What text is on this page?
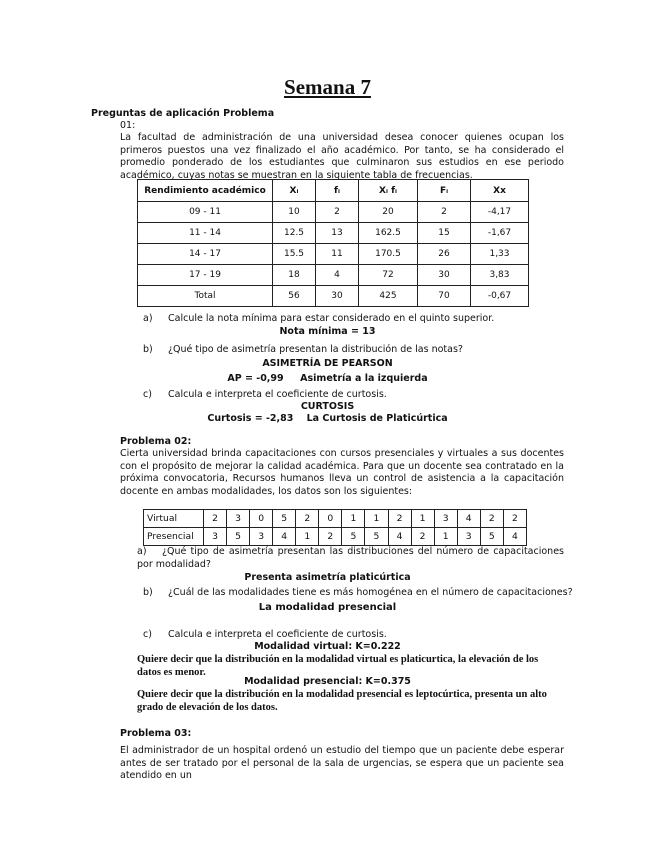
Semana 7
Preguntas de aplicación Problema
01:
La facultad de administración de una universidad desea conocer quienes ocupan los primeros puestos una vez finalizado el año académico. Por tanto, se ha considerado el promedio ponderado de los estudiantes que culminaron sus estudios en ese periodo académico, cuyas notas se muestran en la siguiente tabla de frecuencias.
Rendimiento académico	Xᵢ	fᵢ	Xᵢ fᵢ	Fᵢ	Xx
09 - 11	10	2	20	2	-4,17
11 - 14	12.5	13	162.5	15	-1,67
14 - 17	15.5	11	170.5	26	1,33
17 - 19	18	4	72	30	3,83
Total	56	30	425	70	-0,67
a) Calcule la nota mínima para estar considerado en el quinto superior.
Nota mínima = 13
b) ¿Qué tipo de asimetría presentan la distribución de las notas?
ASIMETRÍA DE PEARSON
AP = -0,99     Asimetría a la izquierda
c) Calcula e interpreta el coeficiente de curtosis.
CURTOSIS
Curtosis = -2,83    La Curtosis de Platicúrtica
Problema 02:
Cierta universidad brinda capacitaciones con cursos presenciales y virtuales a sus docentes con el propósito de mejorar la calidad académica. Para que un docente sea contratado en la próxima convocatoria, Recursos humanos lleva un control de asistencia a la capacitación docente en ambas modalidades, los datos son los siguientes:
Virtual	2	3	0	5	2	0	1	1	2	1	3	4	2	2
Presencial	3	5	3	4	1	2	5	5	4	2	1	3	5	4
a) ¿Qué tipo de asimetría presentan las distribuciones del número de capacitaciones por modalidad?
Presenta asimetría platicúrtica
b) ¿Cuál de las modalidades tiene es más homogénea en el número de capacitaciones?
La modalidad presencial
c) Calcula e interpreta el coeficiente de curtosis.
Modalidad virtual: K=0.222
Quiere decir que la distribución en la modalidad virtual es platicurtica, la elevación de los datos es menor.
Modalidad presencial: K=0.375
Quiere decir que la distribución en la modalidad presencial es leptocúrtica, presenta un alto grado de elevación de los datos.
Problema 03:
El administrador de un hospital ordenó un estudio del tiempo que un paciente debe esperar antes de ser tratado por el personal de la sala de urgencias, se espera que un paciente sea atendido en un
